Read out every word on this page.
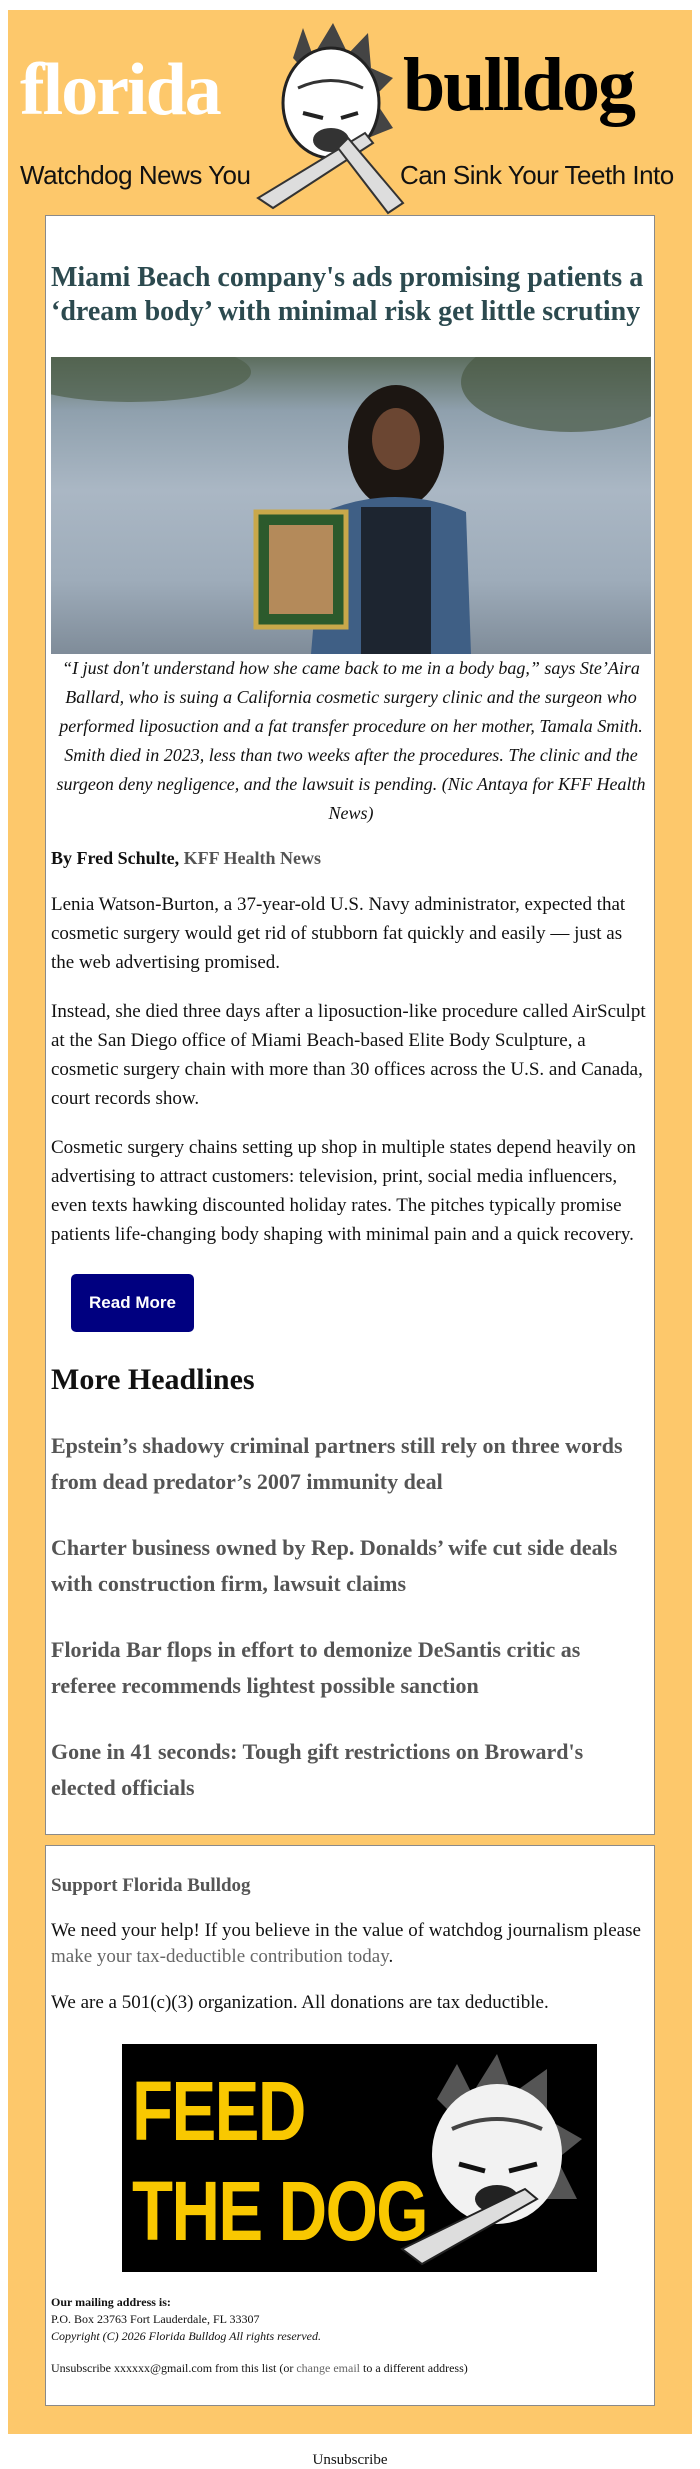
florida bulldog
Watchdog News You	Can Sink Your Teeth Into
Miami Beach company's ads promising patients a ‘dream body’ with minimal risk get little scrutiny

“I just don't understand how she came back to me in a body bag,” says Ste’Aira Ballard, who is suing a California cosmetic surgery clinic and the surgeon who performed liposuction and a fat transfer procedure on her mother, Tamala Smith. Smith died in 2023, less than two weeks after the procedures. The clinic and the surgeon deny negligence, and the lawsuit is pending. (Nic Antaya for KFF Health News)

By Fred Schulte, KFF Health News

Lenia Watson-Burton, a 37-year-old U.S. Navy administrator, expected that cosmetic surgery would get rid of stubborn fat quickly and easily — just as the web advertising promised.

Instead, she died three days after a liposuction-like procedure called AirSculpt at the San Diego office of Miami Beach-based Elite Body Sculpture, a cosmetic surgery chain with more than 30 offices across the U.S. and Canada, court records show.

Cosmetic surgery chains setting up shop in multiple states depend heavily on advertising to attract customers: television, print, social media influencers, even texts hawking discounted holiday rates. The pitches typically promise patients life-changing body shaping with minimal pain and a quick recovery.

Read More
More Headlines
Epstein’s shadowy criminal partners still rely on three words from dead predator’s 2007 immunity deal
Charter business owned by Rep. Donalds’ wife cut side deals with construction firm, lawsuit claims
Florida Bar flops in effort to demonize DeSantis critic as referee recommends lightest possible sanction
Gone in 41 seconds: Tough gift restrictions on Broward's elected officials
Support Florida Bulldog

We need your help! If you believe in the value of watchdog journalism please make your tax-deductible contribution today.

We are a 501(c)(3) organization. All donations are tax deductible.

FEED
THE DOG

Our mailing address is:

P.O. Box 23763 Fort Lauderdale, FL 33307

Copyright (C) 2026 Florida Bulldog All rights reserved.

Unsubscribe xxxxxx@gmail.com from this list (or change email to a different address)

Unsubscribe
